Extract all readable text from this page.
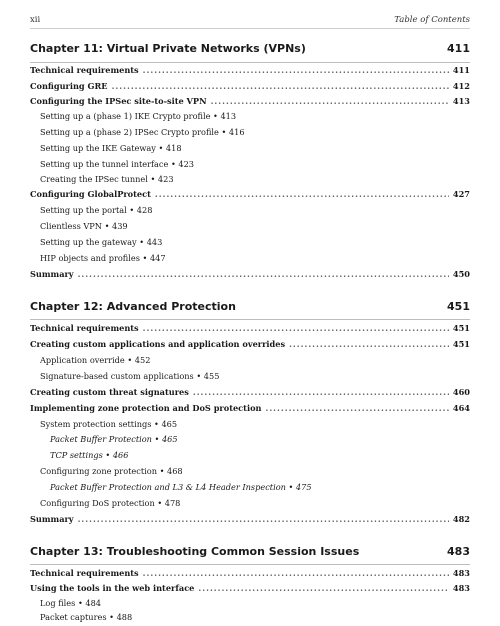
xii	Table of Contents
Chapter 11: Virtual Private Networks (VPNs)	411
Technical requirements .....	411
Configuring GRE .....	412
Configuring the IPSec site-to-site VPN .....	413
Setting up a (phase 1) IKE Crypto profile • 413
Setting up a (phase 2) IPSec Crypto profile • 416
Setting up the IKE Gateway • 418
Setting up the tunnel interface • 423
Creating the IPSec tunnel • 423
Configuring GlobalProtect .....	427
Setting up the portal • 428
Clientless VPN • 439
Setting up the gateway • 443
HIP objects and profiles • 447
Summary .....	450
Chapter 12: Advanced Protection	451
Technical requirements .....	451
Creating custom applications and application overrides .....	451
Application override • 452
Signature-based custom applications • 455
Creating custom threat signatures .....	460
Implementing zone protection and DoS protection .....	464
System protection settings • 465
Packet Buffer Protection • 465
TCP settings • 466
Configuring zone protection • 468
Packet Buffer Protection and L3 & L4 Header Inspection • 475
Configuring DoS protection • 478
Summary .....	482
Chapter 13: Troubleshooting Common Session Issues	483
Technical requirements .....	483
Using the tools in the web interface .....	483
Log files • 484
Packet captures • 488
